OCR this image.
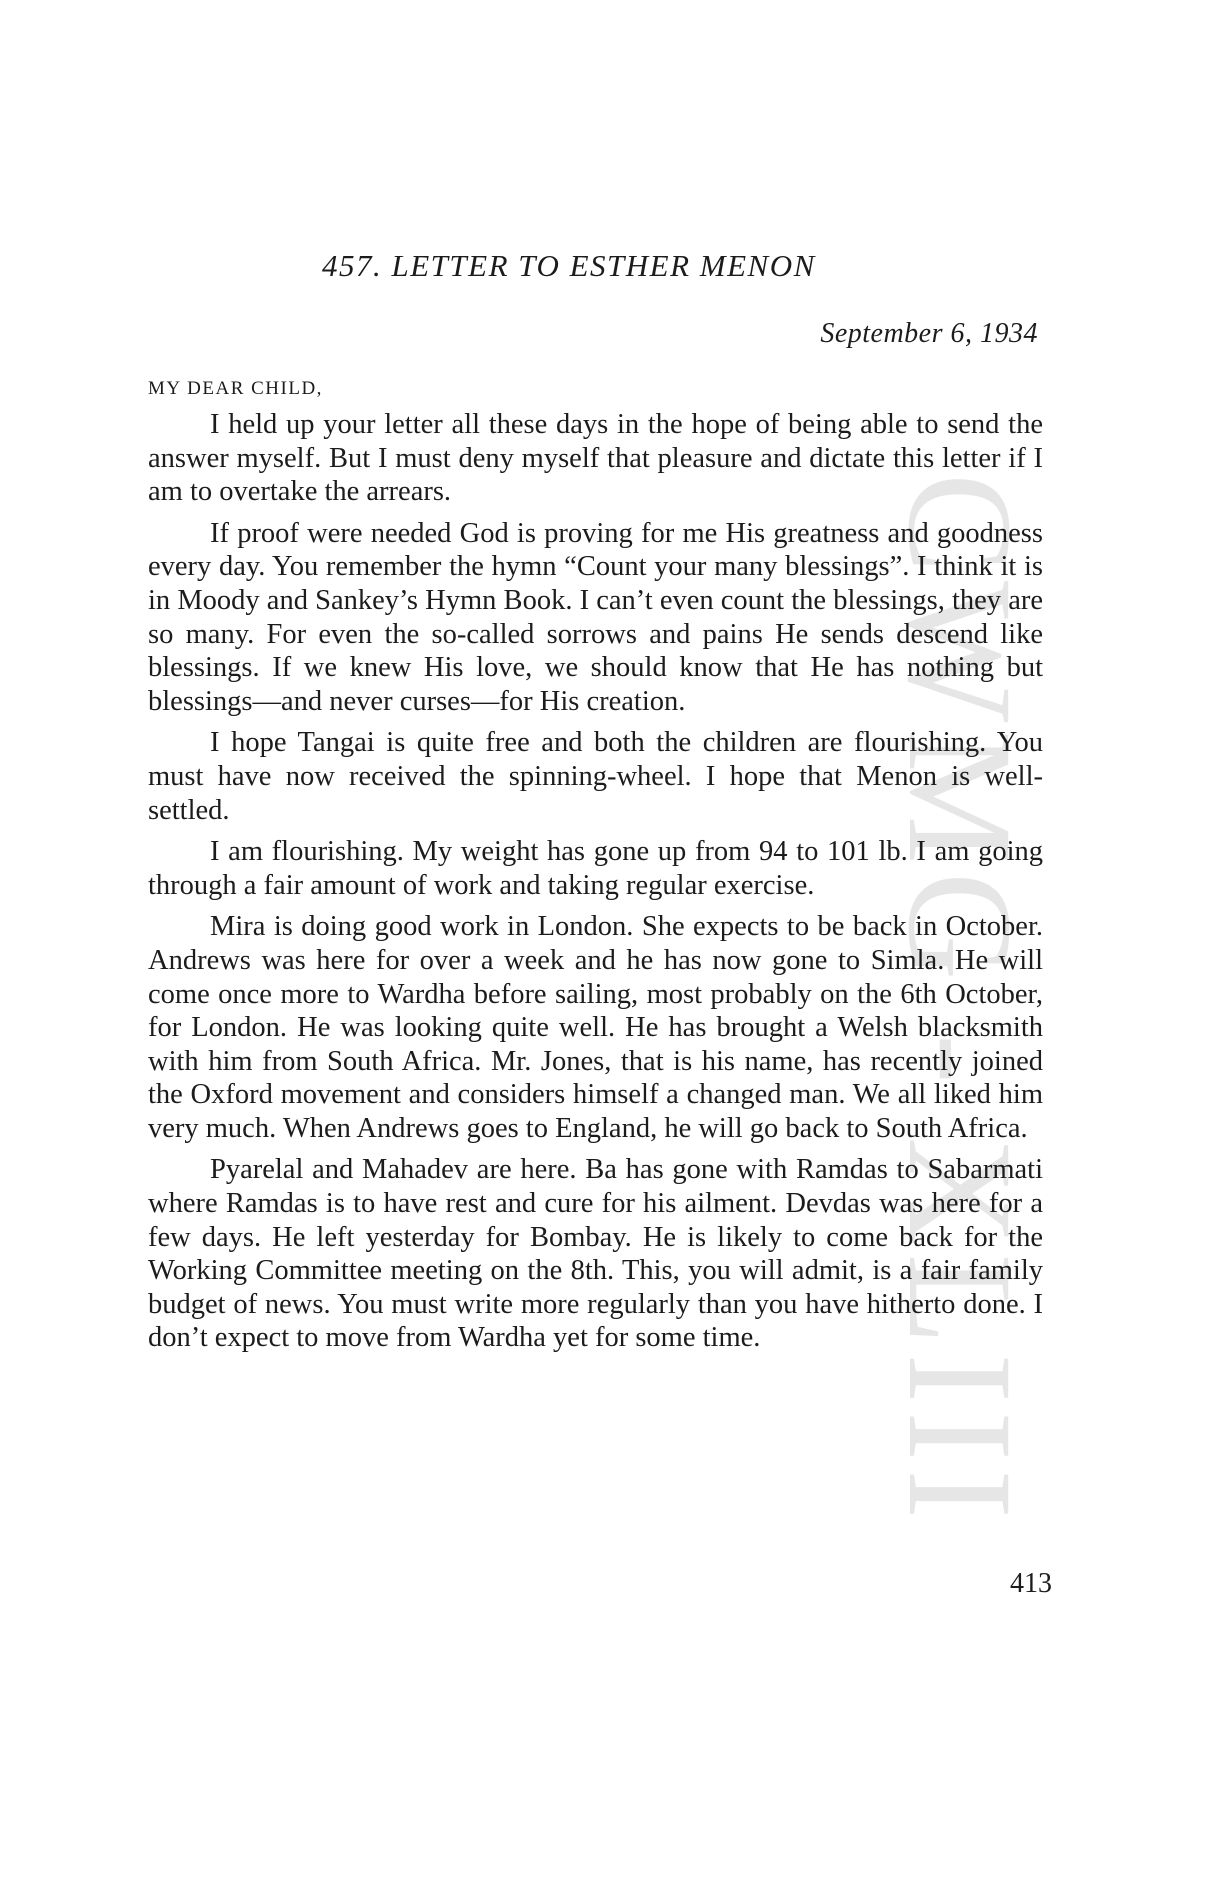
CWMG - XLIII
457. LETTER TO ESTHER MENON
September 6, 1934
MY DEAR CHILD,

I held up your letter all these days in the hope of being able to send the answer myself. But I must deny myself that pleasure and dictate this letter if I am to overtake the arrears.

If proof were needed God is proving for me His greatness and goodness every day. You remember the hymn “Count your many blessings”. I think it is in Moody and Sankey’s Hymn Book. I can’t even count the blessings, they are so many. For even the so-called sorrows and pains He sends descend like blessings. If we knew His love, we should know that He has nothing but blessings—and never curses—for His creation.

I hope Tangai is quite free and both the children are flourishing. You must have now received the spinning-wheel. I hope that Menon is well-settled.

I am flourishing. My weight has gone up from 94 to 101 lb. I am going through a fair amount of work and taking regular exercise.

Mira is doing good work in London. She expects to be back in October. Andrews was here for over a week and he has now gone to Simla. He will come once more to Wardha before sailing, most probably on the 6th October, for London. He was looking quite well. He has brought a Welsh blacksmith with him from South Africa. Mr. Jones, that is his name, has recently joined the Oxford movement and considers himself a changed man. We all liked him very much. When Andrews goes to England, he will go back to South Africa.

Pyarelal and Mahadev are here. Ba has gone with Ramdas to Sabarmati where Ramdas is to have rest and cure for his ailment. Devdas was here for a few days. He left yesterday for Bombay. He is likely to come back for the Working Committee meeting on the 8th. This, you will admit, is a fair family budget of news. You must write more regularly than you have hitherto done. I don’t expect to move from Wardha yet for some time.

413
